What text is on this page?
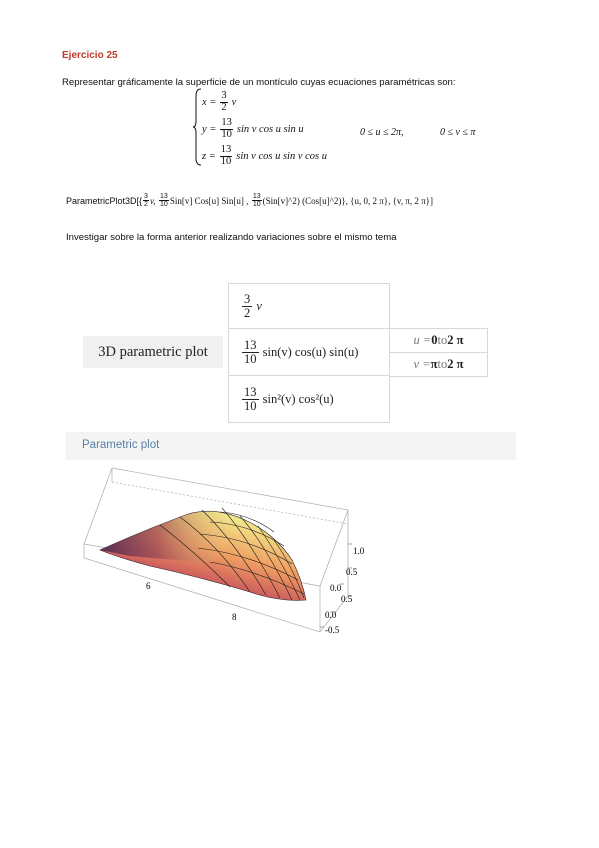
Ejercicio 25
Representar gráficamente la superficie de un montículo cuyas ecuaciones paramétricas son:
$x = \frac{3}{2}$ v
$y = \frac{13}{10}$ sin v cos u sin u
$z = \frac{13}{10}$ sin v cos u sin v cos u
0 ≤ u ≤ 2π,	0 ≤ v ≤ π
ParametricPlot3D[{ $\frac{3}{2} v$,
$\frac{13}{10} Sin[v]$ Cos[u] Sin[u] ,
$\frac{13}{10}$ (Sin[v]^2) (Cos[u]^2)}, {u, 0, 2 π}, {v, π, 2 π}]
Investigar sobre la forma anterior realizando variaciones sobre el mismo tema
3D parametric plot
$\frac{3}{2}$
v
$\frac{13}{10}$
sin(v) cos(u) sin(u)
$\frac{13}{10}$
sin²(v) cos²(u)
u = 0 to 2 π
v = π to 2 π
Parametric plot
6
8
1.0
0.5
0.5
0.0
0.0
-0.5
